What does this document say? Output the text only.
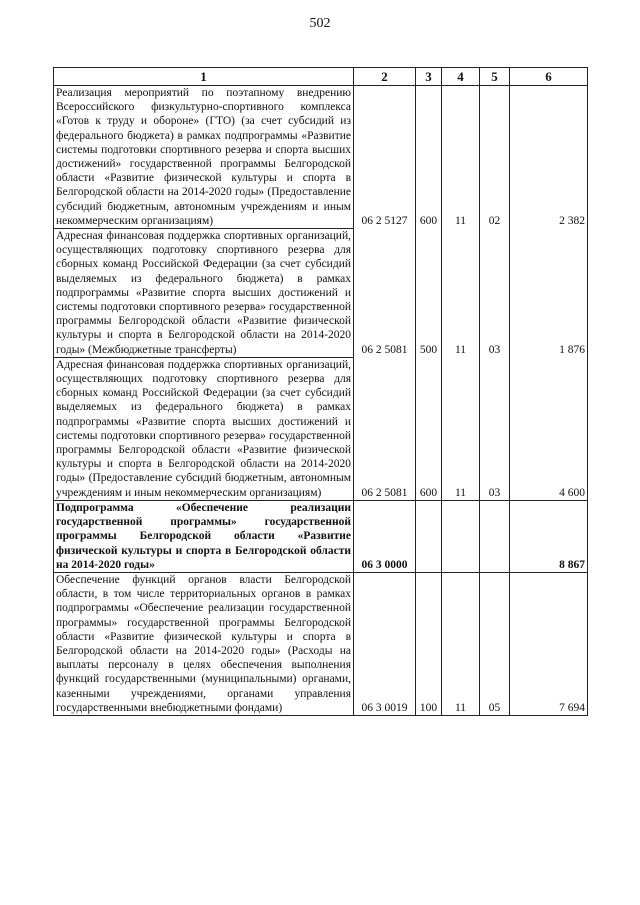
502
1	2	3	4	5	6
Реализация мероприятий по поэтапному внедрению Всероссийского физкультурно-спортивного комплекса «Готов к труду и обороне» (ГТО) (за счет субсидий из федерального бюджета) в рамках подпрограммы «Развитие системы подготовки спортивного резерва и спорта высших достижений» государственной программы Белгородской области «Развитие физической культуры и спорта в Белгородской области на 2014-2020 годы» (Предоставление субсидий бюджетным, автономным учреждениям и иным некоммерческим организациям)	06 2 5127	600	11	02	2 382
Адресная финансовая поддержка спортивных организаций, осуществляющих подготовку спортивного резерва для сборных команд Российской Федерации (за счет субсидий выделяемых из федерального бюджета) в рамках подпрограммы «Развитие спорта высших достижений и системы подготовки спортивного резерва» государственной программы Белгородской области «Развитие физической культуры и спорта в Белгородской области на 2014-2020 годы» (Межбюджетные трансферты)	06 2 5081	500	11	03	1 876
Адресная финансовая поддержка спортивных организаций, осуществляющих подготовку спортивного резерва для сборных команд Российской Федерации (за счет субсидий выделяемых из федерального бюджета) в рамках подпрограммы «Развитие спорта высших достижений и системы подготовки спортивного резерва» государственной программы Белгородской области «Развитие физической культуры и спорта в Белгородской области на 2014-2020 годы» (Предоставление субсидий бюджетным, автономным учреждениям и иным некоммерческим организациям)	06 2 5081	600	11	03	4 600
Подпрограмма «Обеспечение реализации государственной программы» государственной программы Белгородской области «Развитие физической культуры и спорта в Белгородской области на 2014-2020 годы»	06 3 0000				8 867
Обеспечение функций органов власти Белгородской области, в том числе территориальных органов в рамках подпрограммы «Обеспечение реализации государственной программы» государственной программы Белгородской области «Развитие физической культуры и спорта в Белгородской области на 2014-2020 годы» (Расходы на выплаты персоналу в целях обеспечения выполнения функций государственными (муниципальными) органами, казенными учреждениями, органами управления государственными внебюджетными фондами)	06 3 0019	100	11	05	7 694
